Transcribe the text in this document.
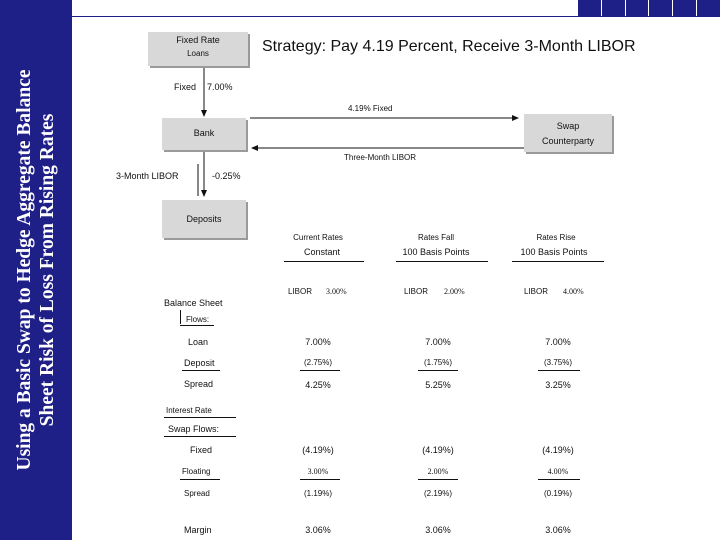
Using a Basic Swap to Hedge Aggregate Balance Sheet Risk of Loss From Rising Rates
Fixed Rate
Loans	Strategy: Pay 4.19 Percent, Receive 3-Month LIBOR
Fixed 7.00%
4.19% Fixed
Bank
Swap
Counterparty
Three-Month LIBOR
3-Month LIBOR	-0.25%
Deposits
Current Rates	Rates Fall	Rates Rise
Constant	100 Basis Points	100 Basis Points
LIBOR 3.00%	LIBOR 2.00%	LIBOR 4.00%
Balance Sheet
Flows:
Loan	7.00%	7.00%	7.00%
Deposit	(2.75%)	(1.75%)	(3.75%)
Spread	4.25%	5.25%	3.25%
Interest Rate
Swap Flows:
Fixed	(4.19%)	(4.19%)	(4.19%)
Floating	3.00%	2.00%	4.00%
Spread	(1.19%)	(2.19%)	(0.19%)
Margin	3.06%	3.06%	3.06%
